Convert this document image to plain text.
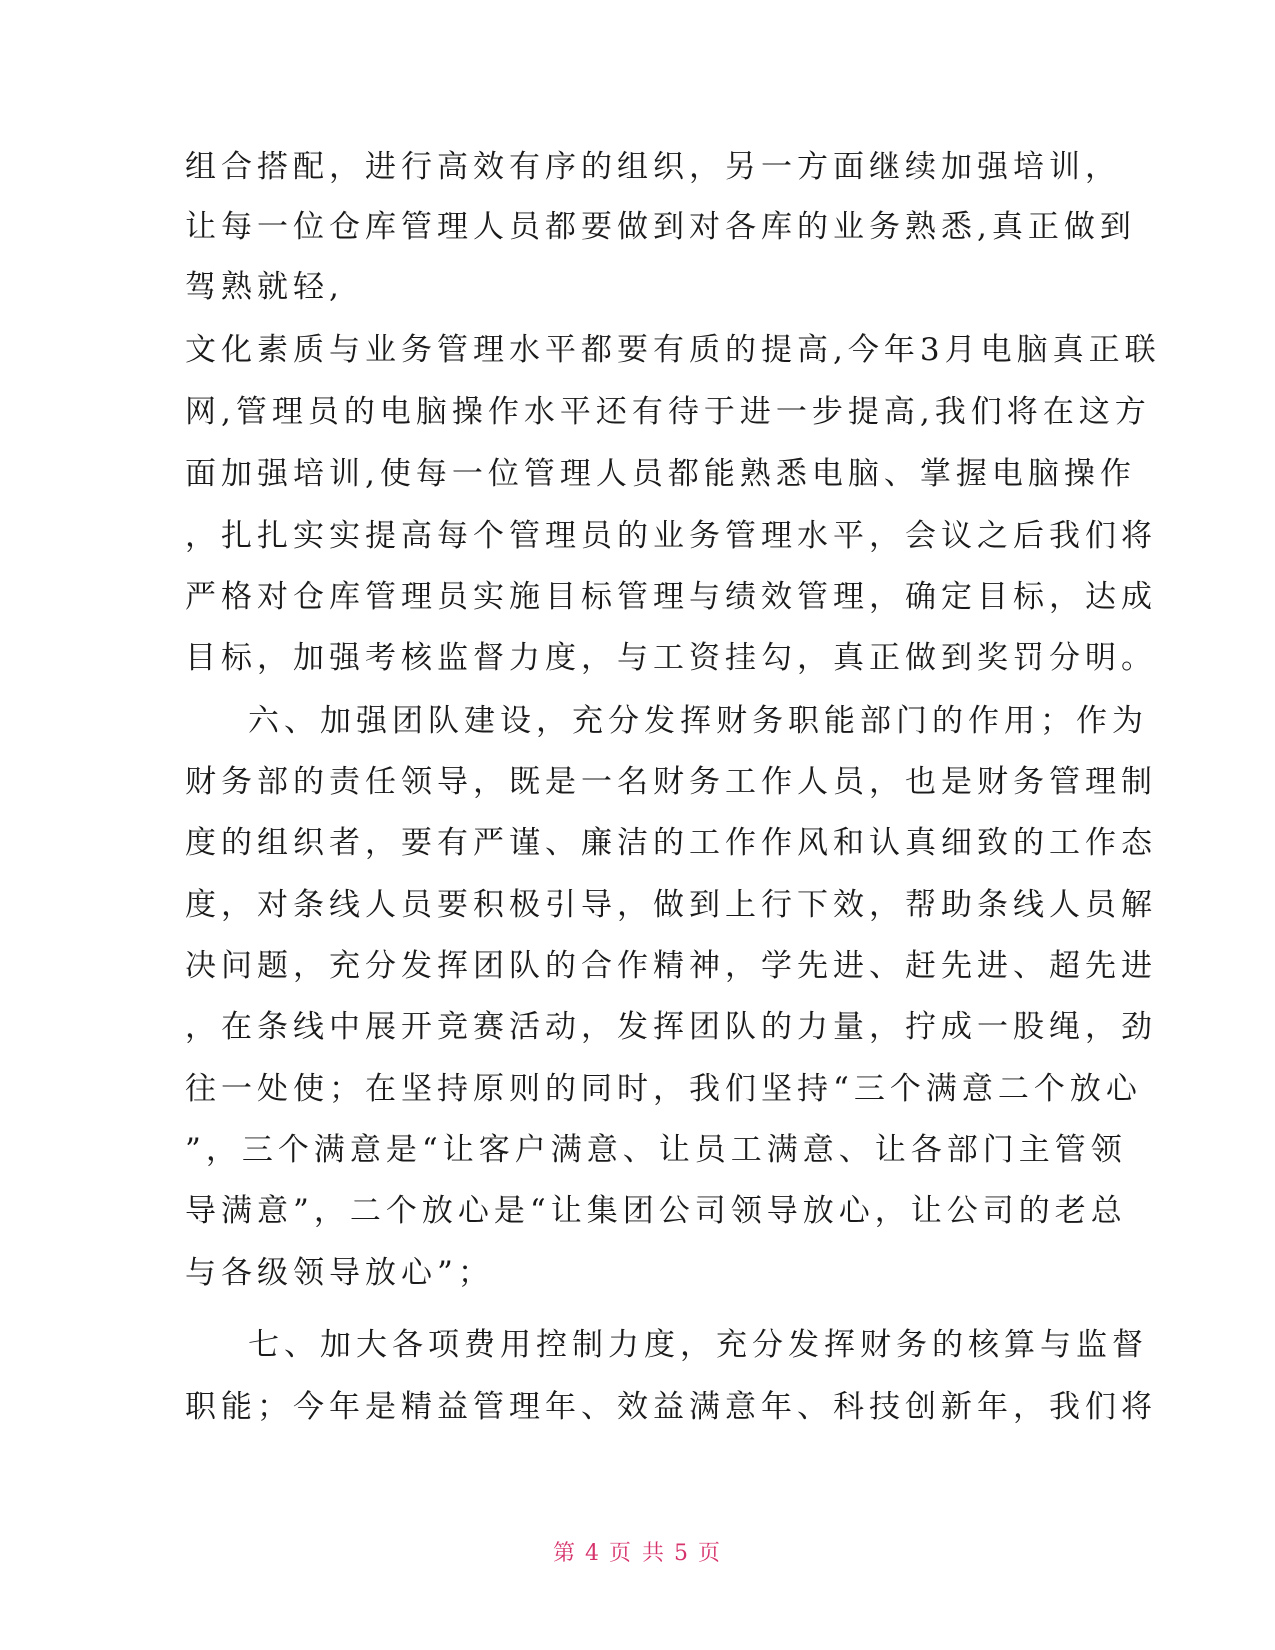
组合搭配，进行高效有序的组织，另一方面继续加强培训，
让每一位仓库管理人员都要做到对各库的业务熟悉,真正做到
驾熟就轻,
文化素质与业务管理水平都要有质的提高,今年3月电脑真正联
网,管理员的电脑操作水平还有待于进一步提高,我们将在这方
面加强培训,使每一位管理人员都能熟悉电脑、掌握电脑操作
，扎扎实实提高每个管理员的业务管理水平，会议之后我们将
严格对仓库管理员实施目标管理与绩效管理，确定目标，达成
目标，加强考核监督力度，与工资挂勾，真正做到奖罚分明。
六、加强团队建设，充分发挥财务职能部门的作用；作为
财务部的责任领导，既是一名财务工作人员，也是财务管理制
度的组织者，要有严谨、廉洁的工作作风和认真细致的工作态
度，对条线人员要积极引导，做到上行下效，帮助条线人员解
决问题，充分发挥团队的合作精神，学先进、赶先进、超先进
，在条线中展开竞赛活动，发挥团队的力量，拧成一股绳，劲
往一处使；在坚持原则的同时，我们坚持“三个满意二个放心
”，三个满意是“让客户满意、让员工满意、让各部门主管领
导满意”，二个放心是“让集团公司领导放心，让公司的老总
与各级领导放心”；
七、加大各项费用控制力度，充分发挥财务的核算与监督
职能；今年是精益管理年、效益满意年、科技创新年，我们将
第 4 页 共 5 页
